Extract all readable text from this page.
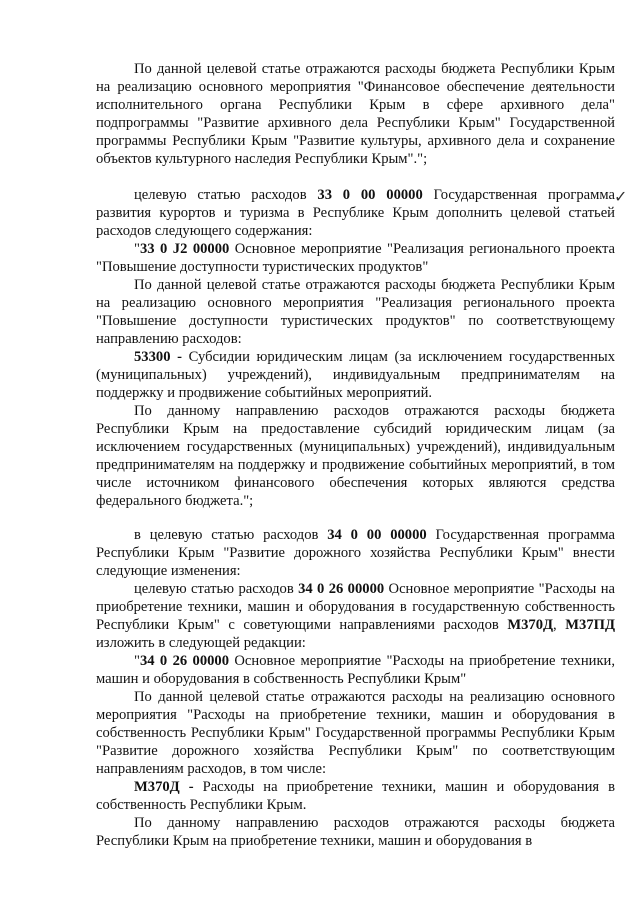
✓

По данной целевой статье отражаются расходы бюджета Республики Крым на реализацию основного мероприятия "Финансовое обеспечение деятельности исполнительного органа Республики Крым в сфере архивного дела" подпрограммы "Развитие архивного дела Республики Крым" Государственной программы Республики Крым "Развитие культуры, архивного дела и сохранение объектов культурного наследия Республики Крым".";

целевую статью расходов 33 0 00 00000 Государственная программа развития курортов и туризма в Республике Крым дополнить целевой статьей расходов следующего содержания:

"33 0 J2 00000 Основное мероприятие "Реализация регионального проекта "Повышение доступности туристических продуктов"

По данной целевой статье отражаются расходы бюджета Республики Крым на реализацию основного мероприятия "Реализация регионального проекта "Повышение доступности туристических продуктов" по соответствующему направлению расходов:

53300 - Субсидии юридическим лицам (за исключением государственных (муниципальных) учреждений), индивидуальным предпринимателям на поддержку и продвижение событийных мероприятий.

По данному направлению расходов отражаются расходы бюджета Республики Крым на предоставление субсидий юридическим лицам (за исключением государственных (муниципальных) учреждений), индивидуальным предпринимателям на поддержку и продвижение событийных мероприятий, в том числе источником финансового обеспечения которых являются средства федерального бюджета.";

в целевую статью расходов 34 0 00 00000 Государственная программа Республики Крым "Развитие дорожного хозяйства Республики Крым" внести следующие изменения:

целевую статью расходов 34 0 26 00000 Основное мероприятие "Расходы на приобретение техники, машин и оборудования в государственную собственность Республики Крым" с советующими направлениями расходов М370Д, М37ПД изложить в следующей редакции:

"34 0 26 00000 Основное мероприятие "Расходы на приобретение техники, машин и оборудования в собственность Республики Крым"

По данной целевой статье отражаются расходы на реализацию основного мероприятия "Расходы на приобретение техники, машин и оборудования в собственность Республики Крым" Государственной программы Республики Крым "Развитие дорожного хозяйства Республики Крым" по соответствующим направлениям расходов, в том числе:

М370Д - Расходы на приобретение техники, машин и оборудования в собственность Республики Крым.

По данному направлению расходов отражаются расходы бюджета Республики Крым на приобретение техники, машин и оборудования в
